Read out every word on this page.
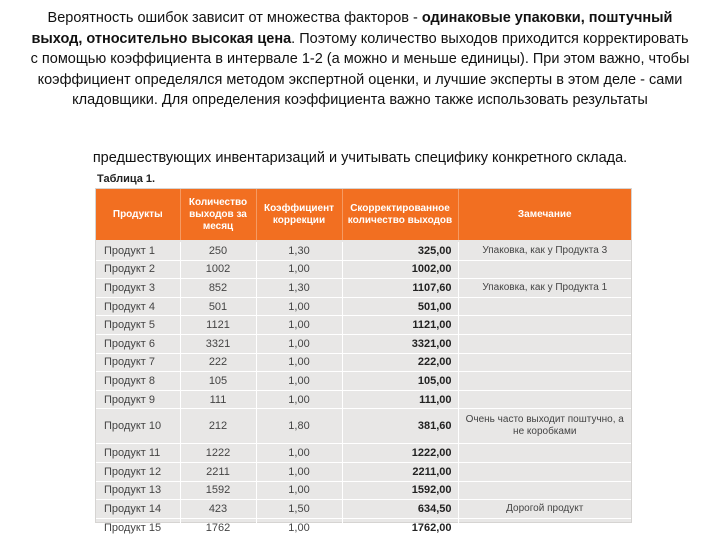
Вероятность ошибок зависит от множества факторов - одинаковые упаковки, поштучный выход, относительно высокая цена. Поэтому количество выходов приходится корректировать с помощью коэффициента в интервале 1-2 (а можно и меньше единицы). При этом важно, чтобы коэффициент определялся методом экспертной оценки, и лучшие эксперты в этом деле - сами кладовщики. Для определения коэффициента важно также использовать результаты

предшествующих инвентаризаций и учитывать специфику конкретного склада.

Таблица 1.
Продукты	Количество выходов за месяц	Коэффициент коррекции	Скорректированное количество выходов	Замечание
Продукт 1	250	1,30	325,00	Упаковка, как у Продукта 3
Продукт 2	1002	1,00	1002,00	
Продукт 3	852	1,30	1107,60	Упаковка, как у Продукта 1
Продукт 4	501	1,00	501,00	
Продукт 5	1121	1,00	1121,00	
Продукт 6	3321	1,00	3321,00	
Продукт 7	222	1,00	222,00	
Продукт 8	105	1,00	105,00	
Продукт 9	111	1,00	111,00	
Продукт 10	212	1,80	381,60	Очень часто выходит поштучно, а не коробками
Продукт 11	1222	1,00	1222,00	
Продукт 12	2211	1,00	2211,00	
Продукт 13	1592	1,00	1592,00	
Продукт 14	423	1,50	634,50	Дорогой продукт
Продукт 15	1762	1,00	1762,00	
